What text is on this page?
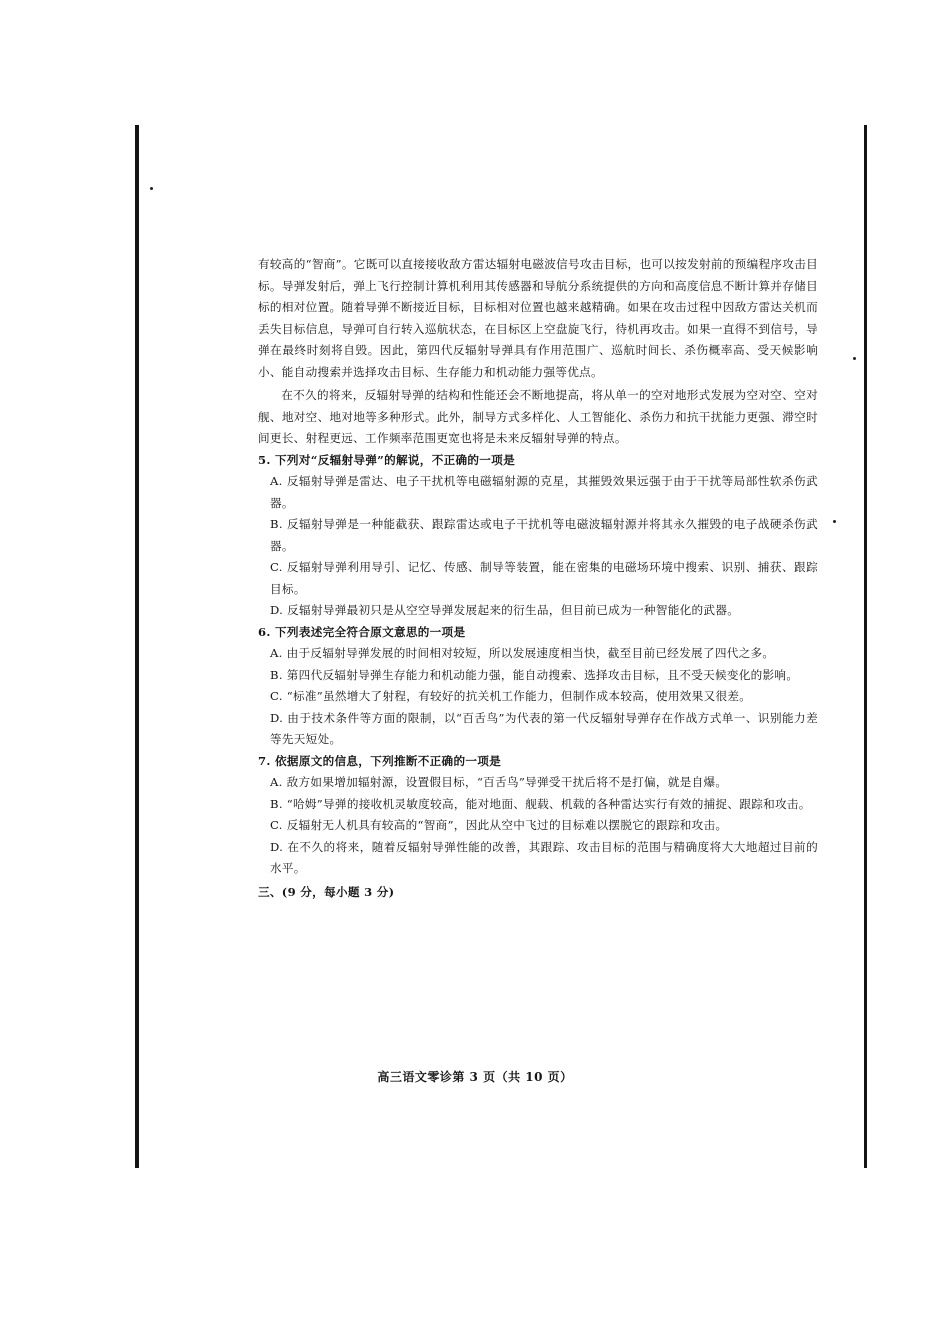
有较高的“智商”。它既可以直接接收敌方雷达辐射电磁波信号攻击目标，也可以按发射前的预编程序攻击目标。导弹发射后，弹上飞行控制计算机利用其传感器和导航分系统提供的方向和高度信息不断计算并存储目标的相对位置。随着导弹不断接近目标，目标相对位置也越来越精确。如果在攻击过程中因敌方雷达关机而丢失目标信息，导弹可自行转入巡航状态，在目标区上空盘旋飞行，待机再攻击。如果一直得不到信号，导弹在最终时刻将自毁。因此，第四代反辐射导弹具有作用范围广、巡航时间长、杀伤概率高、受天候影响小、能自动搜索并选择攻击目标、生存能力和机动能力强等优点。

在不久的将来，反辐射导弹的结构和性能还会不断地提高，将从单一的空对地形式发展为空对空、空对舰、地对空、地对地等多种形式。此外，制导方式多样化、人工智能化、杀伤力和抗干扰能力更强、滞空时间更长、射程更远、工作频率范围更宽也将是未来反辐射导弹的特点。

5. 下列对“反辐射导弹”的解说，不正确的一项是

A. 反辐射导弹是雷达、电子干扰机等电磁辐射源的克星，其摧毁效果远强于由于干扰等局部性软杀伤武器。

B. 反辐射导弹是一种能截获、跟踪雷达或电子干扰机等电磁波辐射源并将其永久摧毁的电子战硬杀伤武器。

C. 反辐射导弹利用导引、记忆、传感、制导等装置，能在密集的电磁场环境中搜索、识别、捕获、跟踪目标。

D. 反辐射导弹最初只是从空空导弹发展起来的衍生品，但目前已成为一种智能化的武器。

6. 下列表述完全符合原文意思的一项是

A. 由于反辐射导弹发展的时间相对较短，所以发展速度相当快，截至目前已经发展了四代之多。

B. 第四代反辐射导弹生存能力和机动能力强，能自动搜索、选择攻击目标，且不受天候变化的影响。

C. “标准”虽然增大了射程，有较好的抗关机工作能力，但制作成本较高，使用效果又很差。

D. 由于技术条件等方面的限制，以“百舌鸟”为代表的第一代反辐射导弹存在作战方式单一、识别能力差等先天短处。

7. 依据原文的信息，下列推断不正确的一项是

A. 敌方如果增加辐射源，设置假目标，“百舌鸟”导弹受干扰后将不是打偏，就是自爆。

B. “哈姆”导弹的接收机灵敏度较高，能对地面、舰载、机载的各种雷达实行有效的捕捉、跟踪和攻击。

C. 反辐射无人机具有较高的“智商”，因此从空中飞过的目标难以摆脱它的跟踪和攻击。

D. 在不久的将来，随着反辐射导弹性能的改善，其跟踪、攻击目标的范围与精确度将大大地超过目前的水平。

三、(9 分，每小题 3 分)

高三语文零诊第 3 页（共 10 页）
